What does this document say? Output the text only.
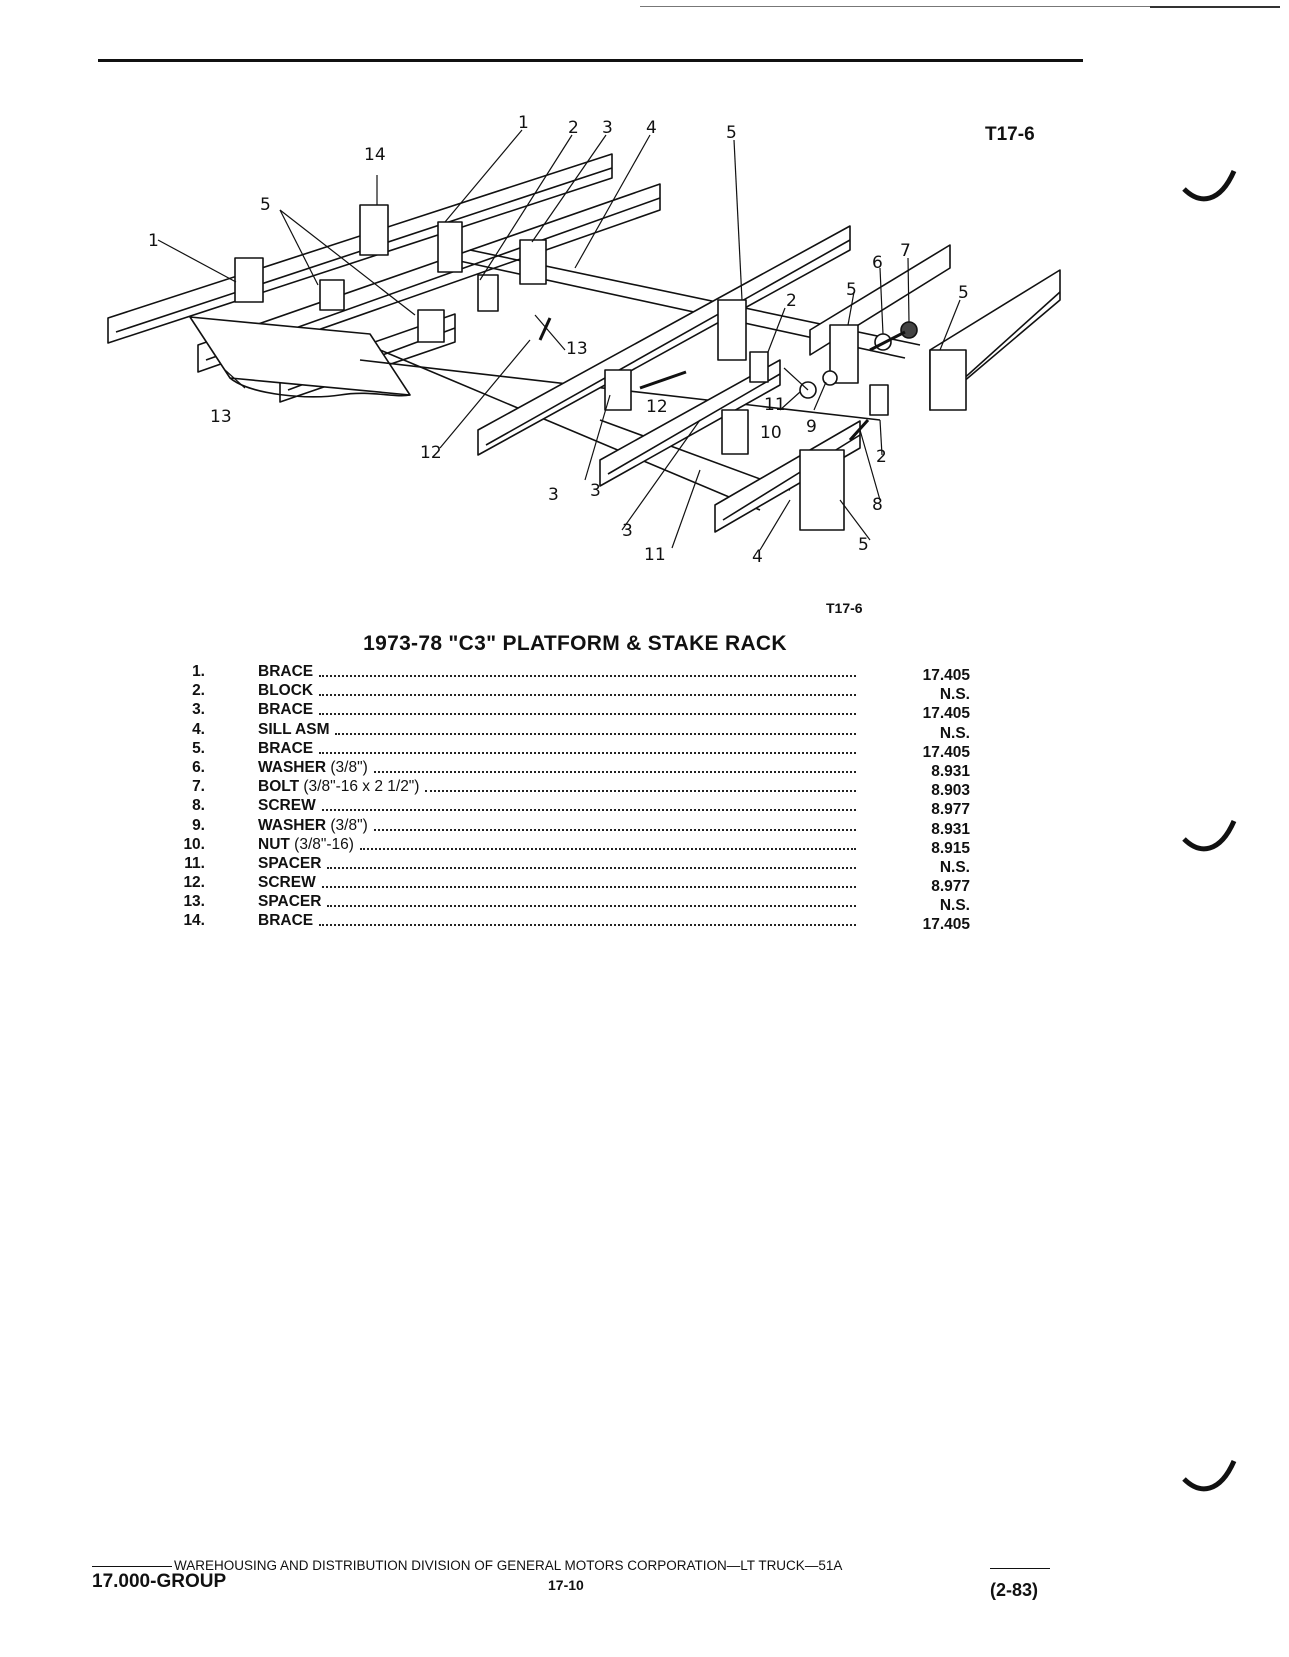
T17-6
1 2 3 4	5
14
5
1
13
12
13
5
2
12	11
10 9
6
7
5
3
2
8
3
3
11	4
5
T17-6
1973-78 "C3" PLATFORM & STAKE RACK
1.	BRACE	17.405
2.	BLOCK	N.S.
3.	BRACE	17.405
4.	SILL ASM	N.S.
5.	BRACE	17.405
6.	WASHER (3/8")	8.931
7.	BOLT (3/8"-16 x 2 1/2")	8.903
8.	SCREW	8.977
9.	WASHER (3/8")	8.931
10.	NUT (3/8"-16)	8.915
11.	SPACER	N.S.
12.	SCREW	8.977
13.	SPACER	N.S.
14.	BRACE	17.405
WAREHOUSING AND DISTRIBUTION DIVISION OF GENERAL MOTORS CORPORATION—LT TRUCK—51A
17.000-GROUP	17-10	(2-83)
